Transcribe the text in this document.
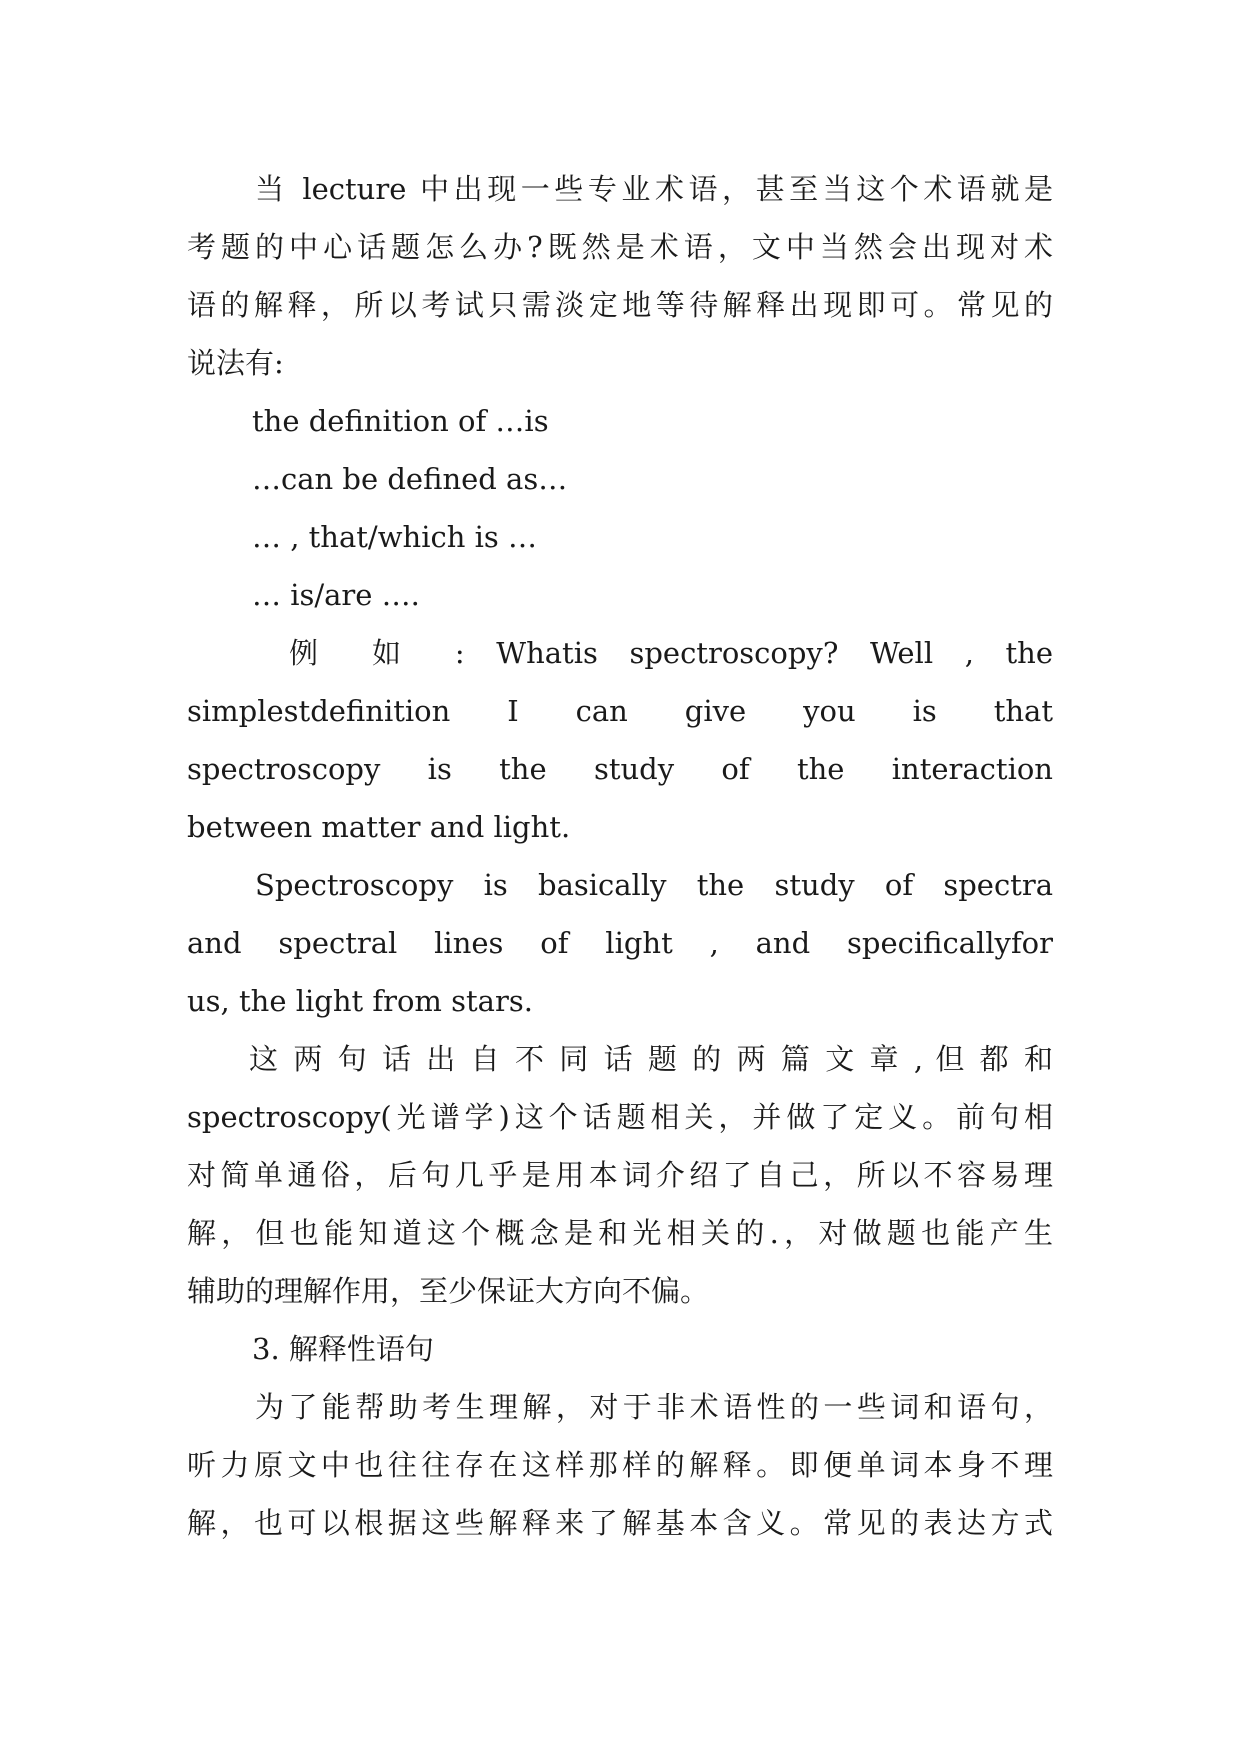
当 lecture 中出现一些专业术语，甚至当这个术语就是
考题的中心话题怎么办?既然是术语，文中当然会出现对术
语的解释，所以考试只需淡定地等待解释出现即可。常见的
说法有:
the definition of …is
…can be defined as…
… , that/which is …
… is/are ….
例 如 : Whatis spectroscopy? Well , the
simplestdefinition I can give you is that
spectroscopy is the study of the interaction
between matter and light.
Spectroscopy is basically the study of spectra
and spectral lines of light , and specificallyfor
us, the light from stars.
这 两 句 话 出 自 不 同 话 题 的 两 篇 文 章 , 但 都 和
spectroscopy(光谱学)这个话题相关，并做了定义。前句相
对简单通俗，后句几乎是用本词介绍了自己，所以不容易理
解，但也能知道这个概念是和光相关的.，对做题也能产生
辅助的理解作用，至少保证大方向不偏。
3. 解释性语句
为了能帮助考生理解，对于非术语性的一些词和语句，
听力原文中也往往存在这样那样的解释。即便单词本身不理
解，也可以根据这些解释来了解基本含义。常见的表达方式
